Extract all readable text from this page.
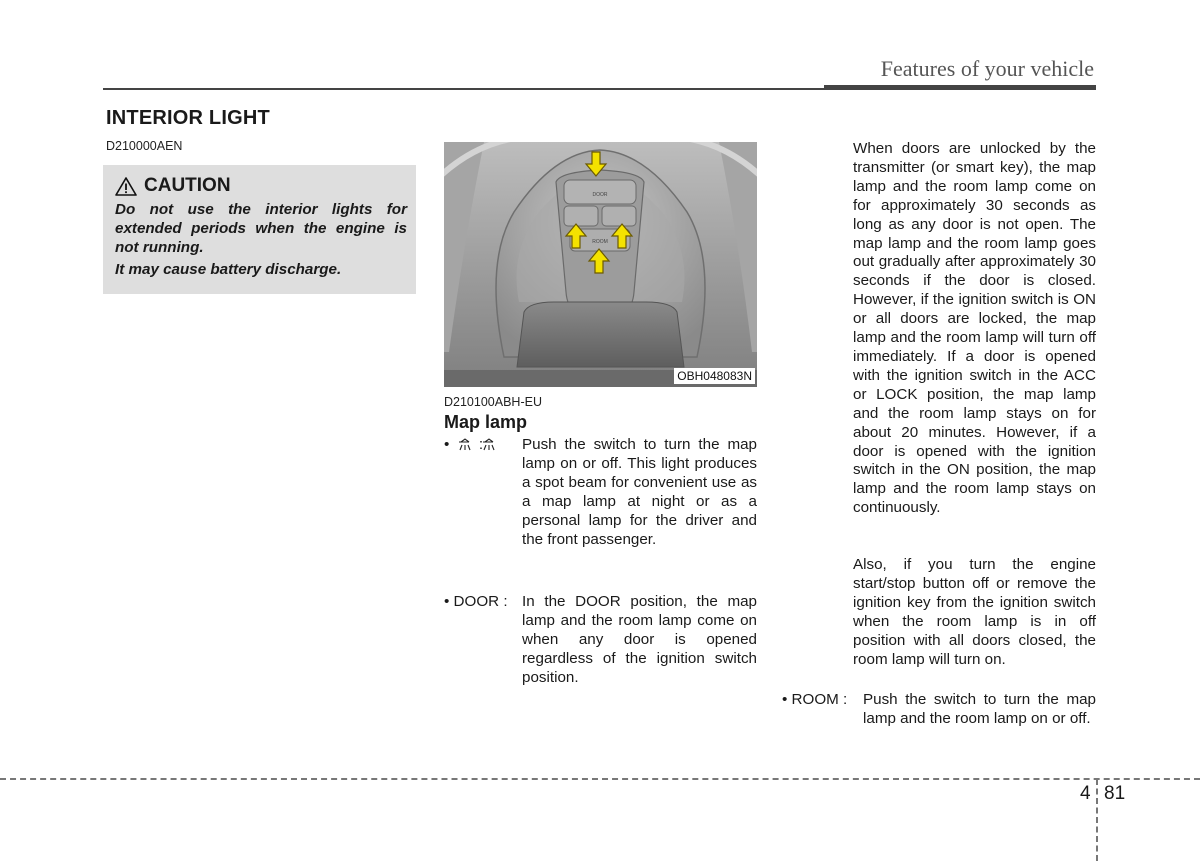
Features of your vehicle
INTERIOR LIGHT
D210000AEN
CAUTION
Do not use the interior lights for extended periods when the engine is not running.
It may cause battery discharge.
DOOR
ROOM
OBH048083N
D210100ABH-EU
Map lamp
•       :	Push the switch to turn the map lamp on or off. This light produces a spot beam for convenient use as a map lamp at night or as a personal lamp for the driver and the front passenger.
• DOOR : In the DOOR position, the map lamp and the room lamp come on when any door is opened regardless of the ignition switch position.
When doors are unlocked by the transmitter (or smart key), the map lamp and the room lamp come on for approximately 30 seconds as long as any door is not open. The map lamp and the room lamp goes out gradually after approximately 30 seconds if the door is closed. However, if the ignition switch is ON or all doors are locked, the map lamp and the room lamp will turn off immediately. If a door is opened with the ignition switch in the ACC or LOCK position, the map lamp and the room lamp stays on for about 20 minutes. However, if a door is opened with the ignition switch in the ON position, the map lamp and the room lamp stays on continuously.
Also, if you turn the engine start/stop button off or remove the ignition key from the ignition switch when the room lamp is in off position with all doors closed, the room lamp will turn on.
• ROOM :	Push the switch to turn the map lamp and the room lamp on or off.
4 81
